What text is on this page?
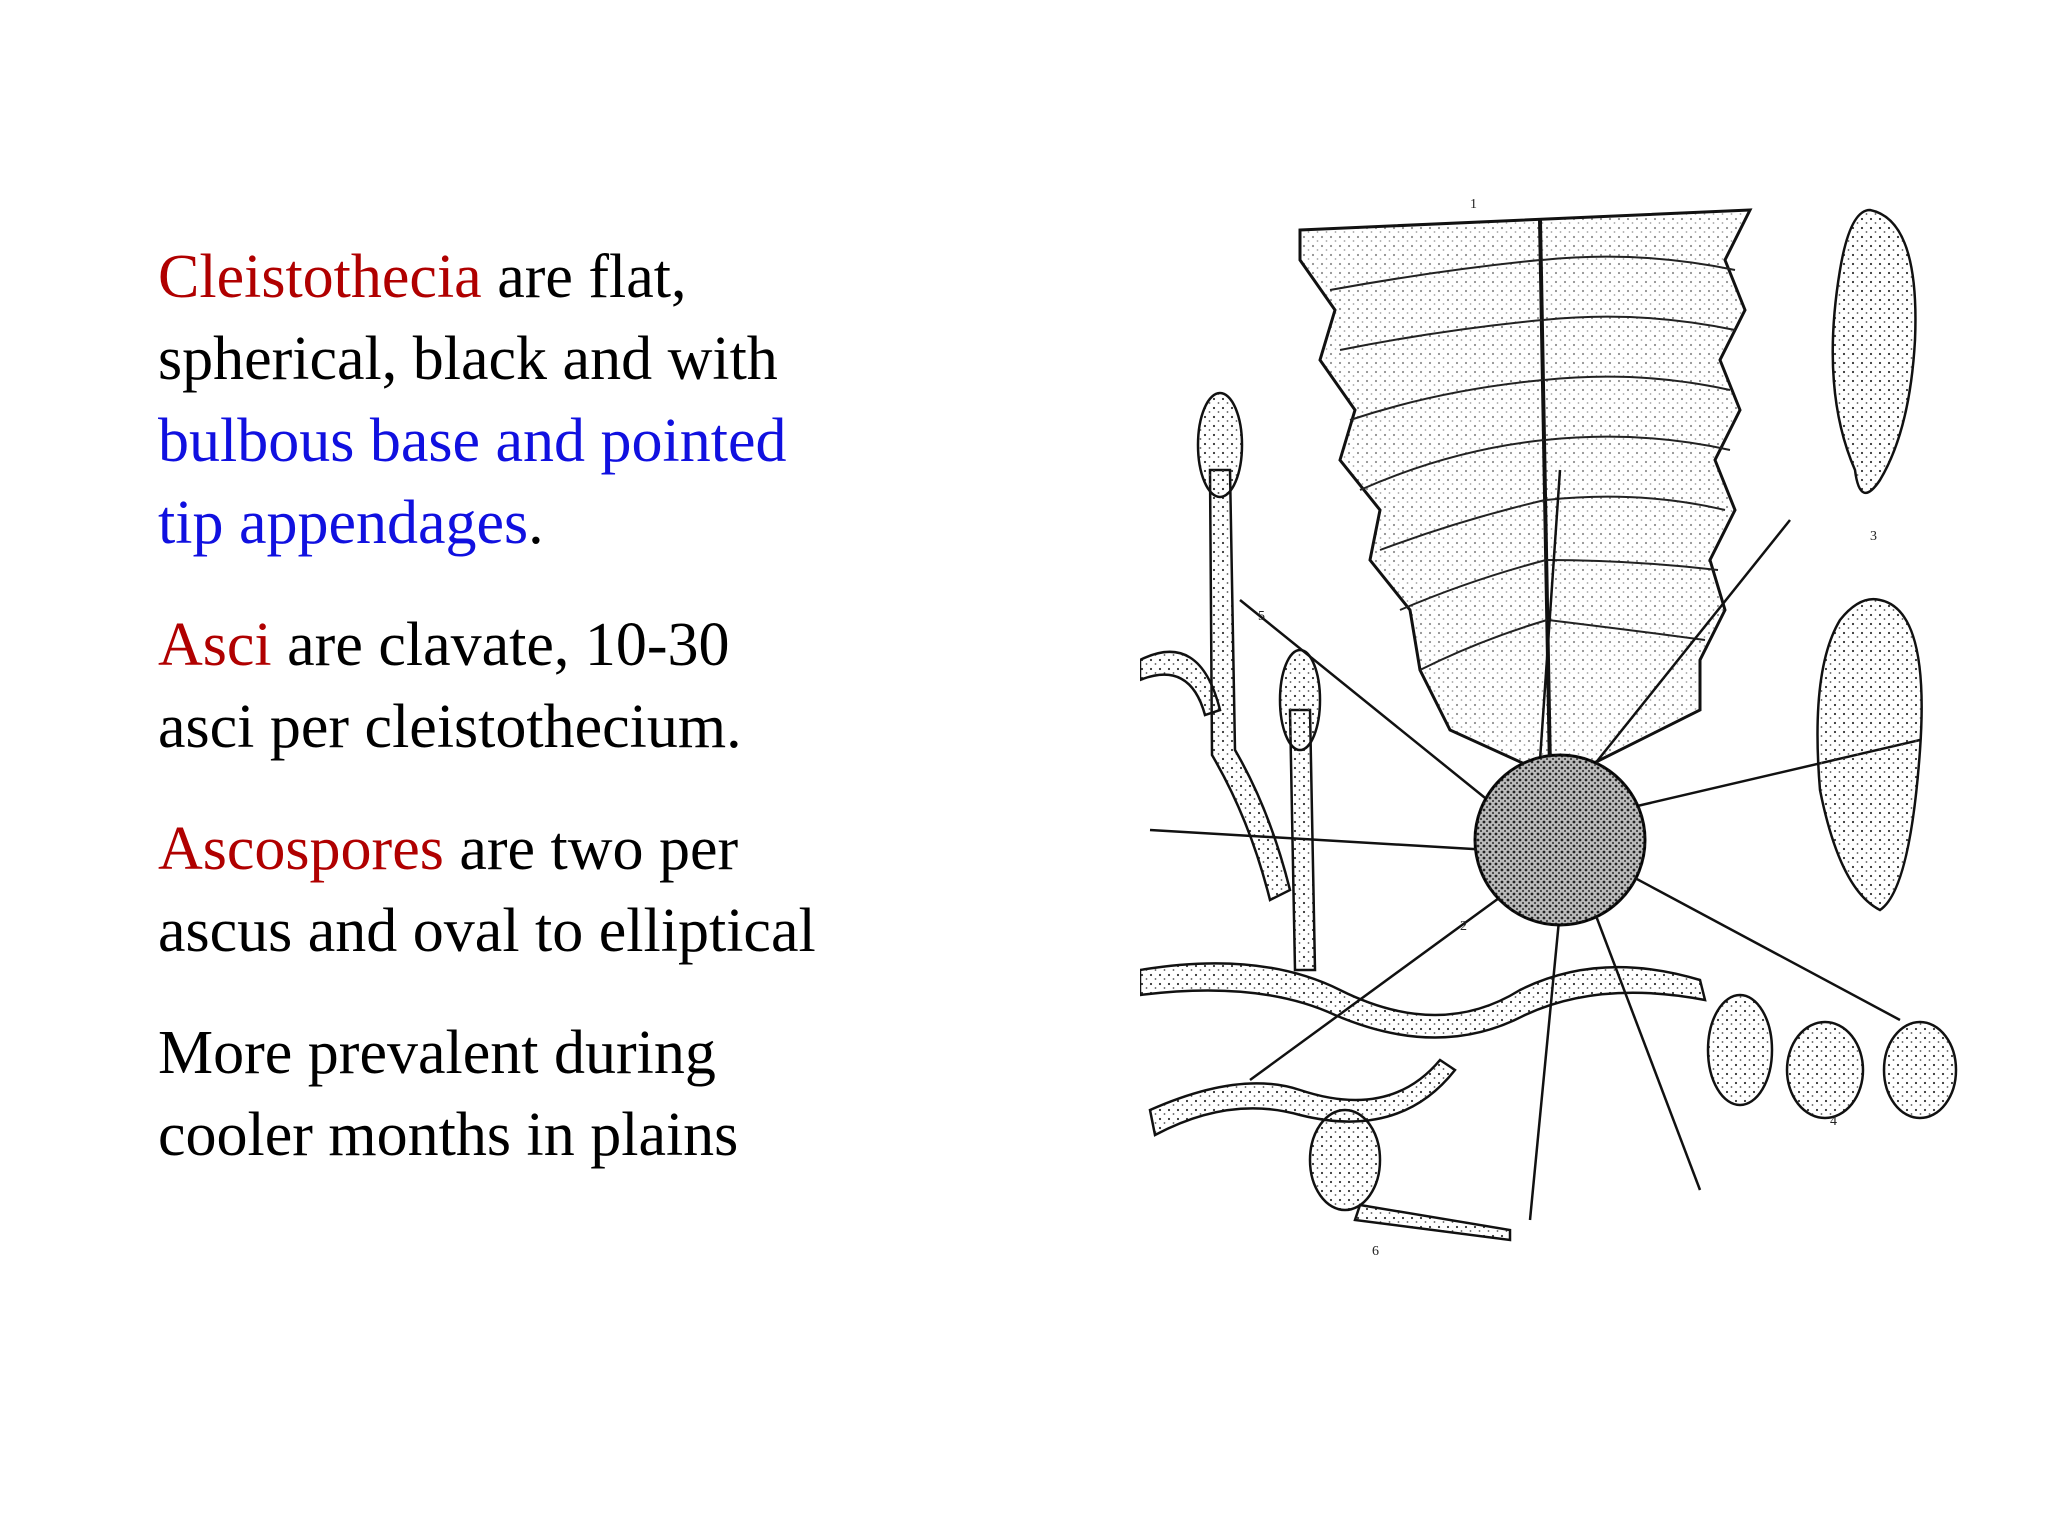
Cleistothecia are flat,
spherical, black and with
bulbous base and pointed
tip appendages.

Asci are clavate, 10-30
asci per cleistothecium.

Ascospores are two per
ascus and oval to elliptical

More prevalent during
cooler months in plains

1
2
3
4
5
6
